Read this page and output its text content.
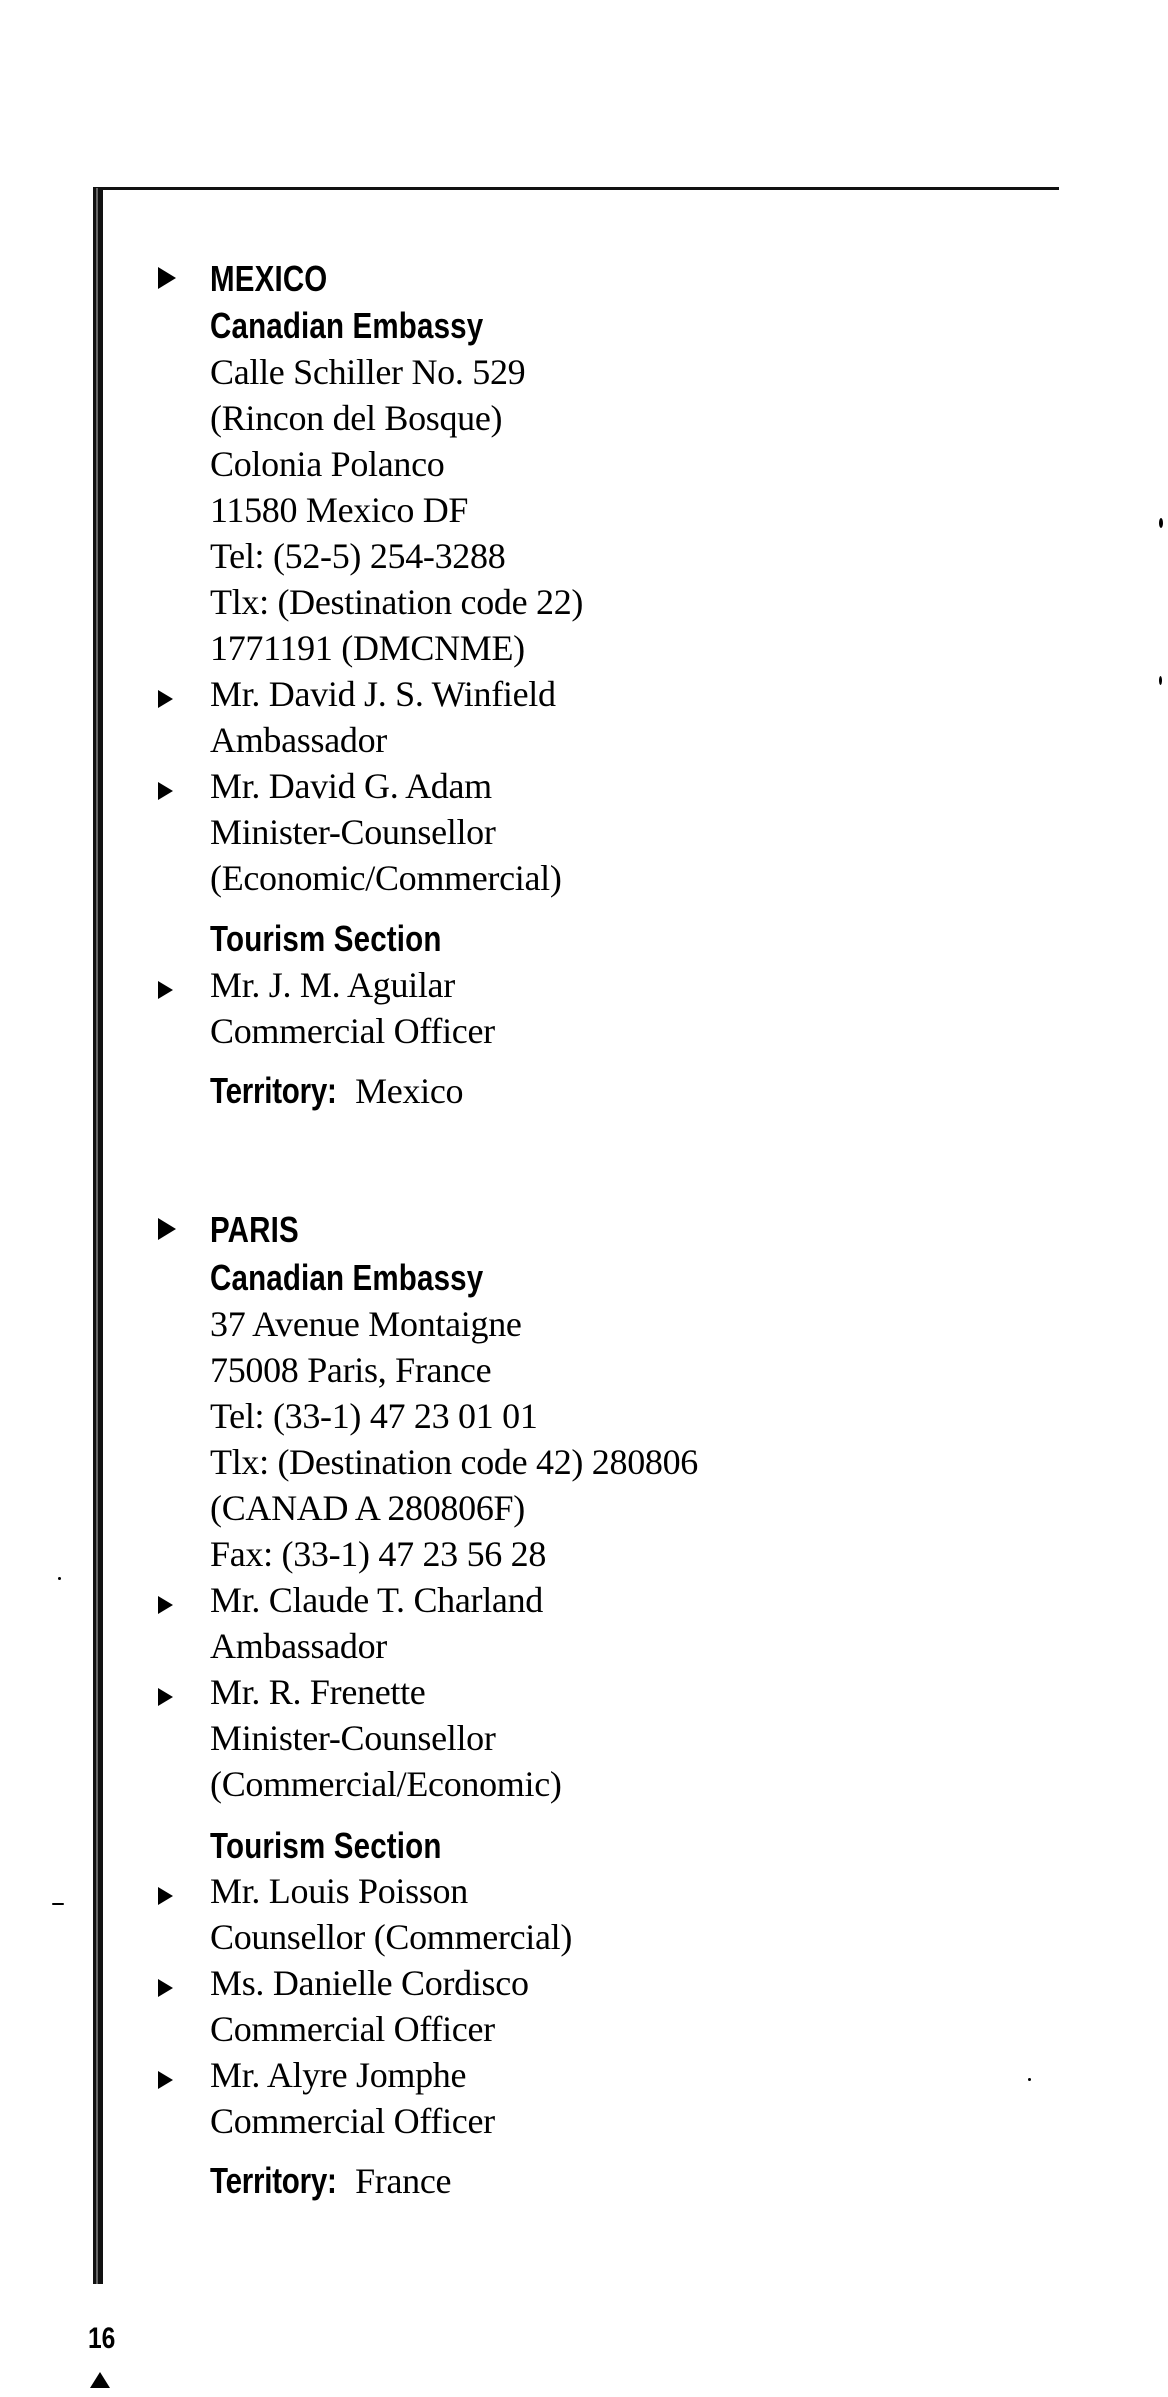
MEXICO
Canadian Embassy
Calle Schiller No. 529
(Rincon del Bosque)
Colonia Polanco
11580 Mexico DF
Tel: (52-5) 254-3288
Tlx: (Destination code 22)
1771191 (DMCNME)
Mr. David J. S. Winfield
Ambassador
Mr. David G. Adam
Minister-Counsellor
(Economic/Commercial)
Tourism Section
Mr. J. M. Aguilar
Commercial Officer
Territory: Mexico
PARIS
Canadian Embassy
37 Avenue Montaigne
75008 Paris, France
Tel: (33-1) 47 23 01 01
Tlx: (Destination code 42) 280806
(CANAD A 280806F)
Fax: (33-1) 47 23 56 28
Mr. Claude T. Charland
Ambassador
Mr. R. Frenette
Minister-Counsellor
(Commercial/Economic)
Tourism Section
Mr. Louis Poisson
Counsellor (Commercial)
Ms. Danielle Cordisco
Commercial Officer
Mr. Alyre Jomphe
Commercial Officer
Territory: France
16
